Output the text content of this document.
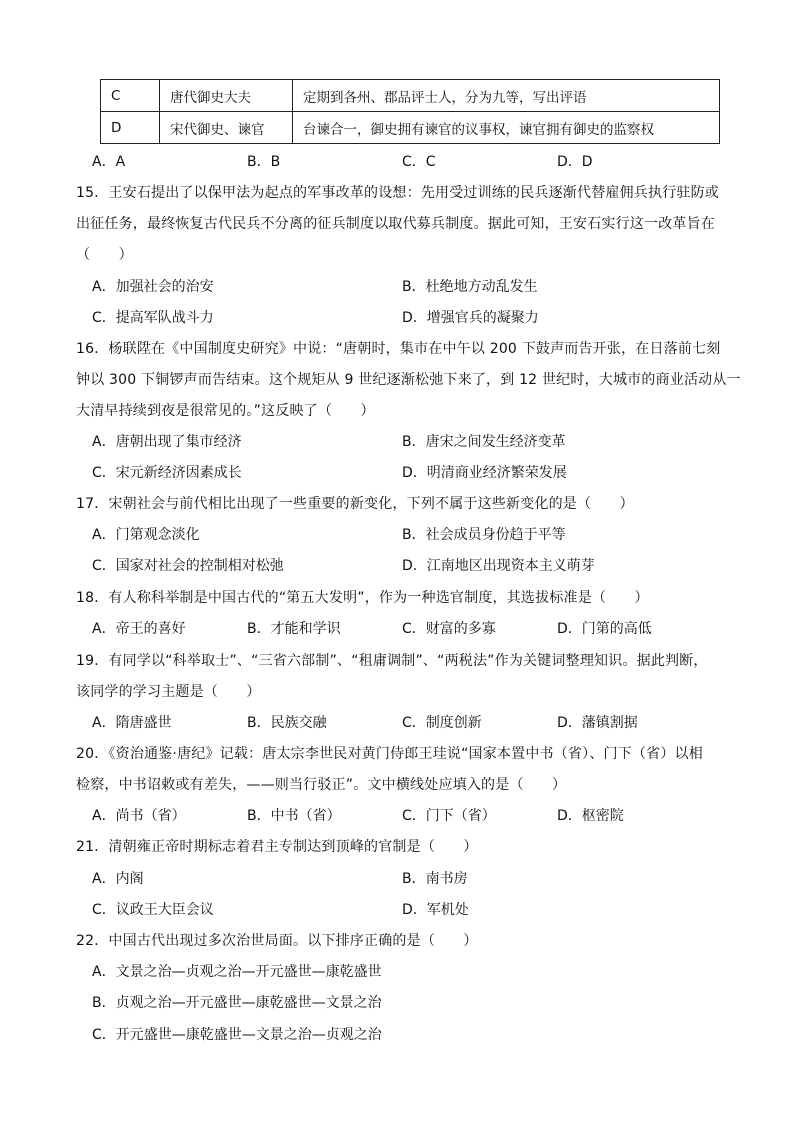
C	唐代御史大夫	定期到各州、郡品评士人，分为九等，写出评语
D	宋代御史、谏官	台谏合一，御史拥有谏官的议事权，谏官拥有御史的监察权
A．A	B．B	C．C	D．D
15．王安石提出了以保甲法为起点的军事改革的设想：先用受过训练的民兵逐渐代替雇佣兵执行驻防或
出征任务，最终恢复古代民兵不分离的征兵制度以取代募兵制度。据此可知，王安石实行这一改革旨在
（　　）
A．加强社会的治安	B．杜绝地方动乱发生
C．提高军队战斗力	D．增强官兵的凝聚力
16．杨联陞在《中国制度史研究》中说：“唐朝时，集市在中午以 200 下鼓声而告开张，在日落前七刻
钟以 300 下铜锣声而告结束。这个规矩从 9 世纪逐渐松弛下来了，到 12 世纪时，大城市的商业活动从一
大清早持续到夜是很常见的。”这反映了（　　）
A．唐朝出现了集市经济	B．唐宋之间发生经济变革
C．宋元新经济因素成长	D．明清商业经济繁荣发展
17．宋朝社会与前代相比出现了一些重要的新变化，下列不属于这些新变化的是（　　）
A．门第观念淡化	B．社会成员身份趋于平等
C．国家对社会的控制相对松弛	D．江南地区出现资本主义萌芽
18．有人称科举制是中国古代的“第五大发明”，作为一种选官制度，其选拔标准是（　　）
A．帝王的喜好	B．才能和学识	C．财富的多寡	D．门第的高低
19．有同学以“科举取士”、“三省六部制”、“租庸调制”、“两税法”作为关键词整理知识。据此判断，
该同学的学习主题是（　　）
A．隋唐盛世	B．民族交融	C．制度创新	D．藩镇割据
20．《资治通鉴·唐纪》记载：唐太宗李世民对黄门侍郎王珪说“国家本置中书（省）、门下（省）以相
检察，中书诏敕或有差失，——则当行驳正”。文中横线处应填入的是（　　）
A．尚书（省）	B．中书（省）	C．门下（省）	D．枢密院
21．清朝雍正帝时期标志着君主专制达到顶峰的官制是（　　）
A．内阁	B．南书房
C．议政王大臣会议	D．军机处
22．中国古代出现过多次治世局面。以下排序正确的是（　　）
A．文景之治—贞观之治—开元盛世—康乾盛世
B．贞观之治—开元盛世—康乾盛世—文景之治
C．开元盛世—康乾盛世—文景之治—贞观之治
